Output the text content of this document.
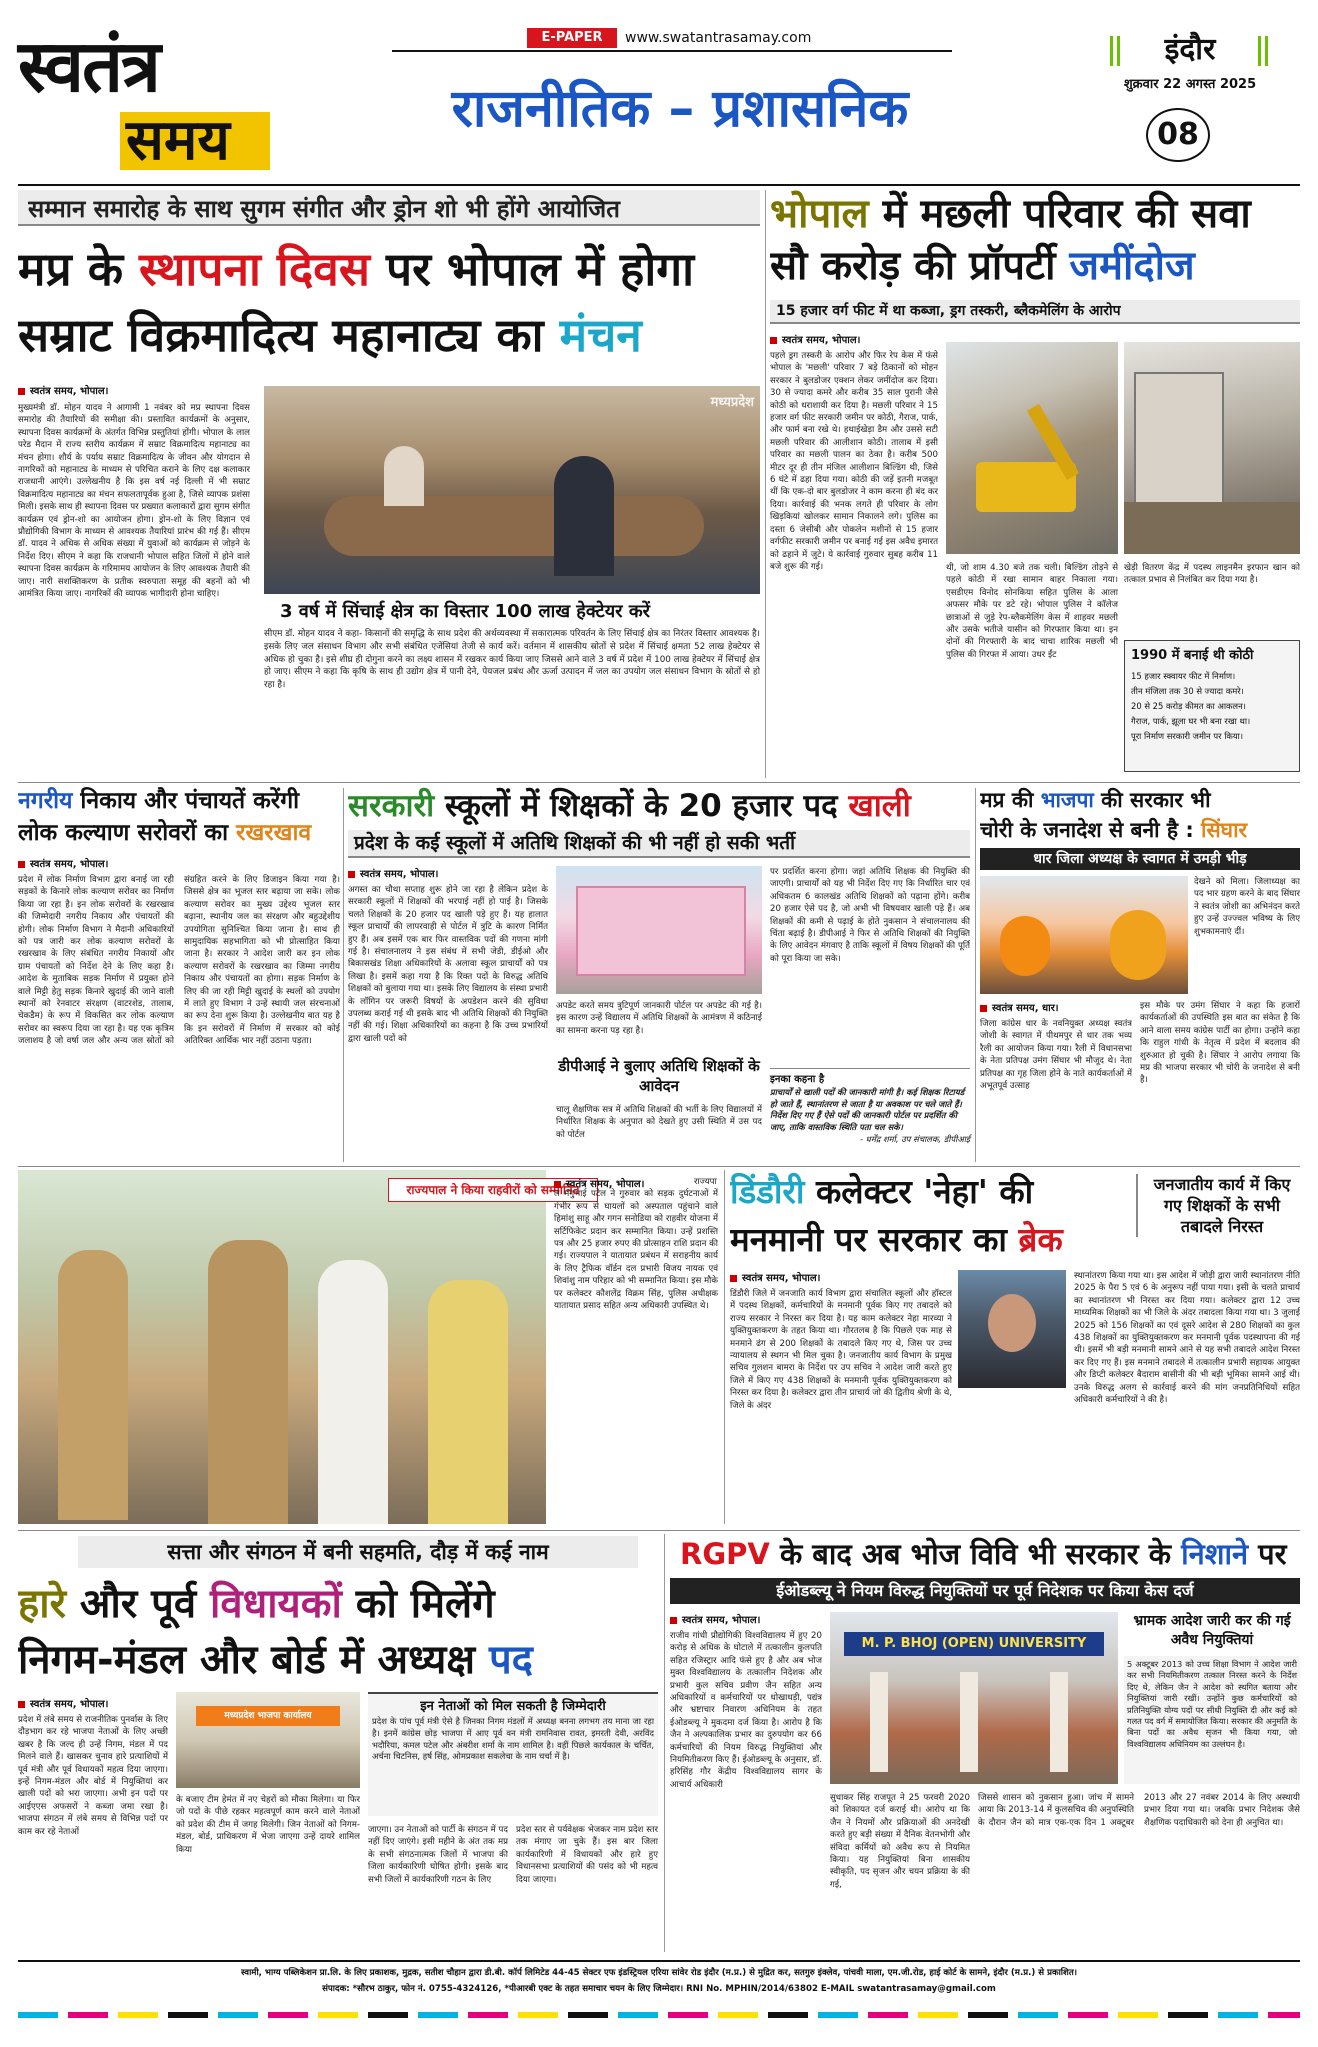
स्वतंत्र
समय
E-PAPER	www.swatantrasamay.com
राजनीतिक – प्रशासनिक
इंदौर
शुक्रवार 22 अगस्त 2025
08
सम्मान समारोह के साथ सुगम संगीत और ड्रोन शो भी होंगे आयोजित
मप्र के स्थापना दिवस पर भोपाल में होगा
सम्राट विक्रमादित्य महानाट्य का मंचन
स्वतंत्र समय, भोपाल।
मुख्यमंत्री डॉ. मोहन यादव ने आगामी 1 नवंबर को मप्र स्थापना दिवस समारोह की तैयारियों की समीक्षा की। प्रस्तावित कार्यक्रमों के अनुसार, स्थापना दिवस कार्यक्रमों के अंतर्गत विभिन्न प्रस्तुतियां होंगी। भोपाल के लाल परेड मैदान में राज्य स्तरीय कार्यक्रम में सम्राट विक्रमादित्य महानाट्य का मंचन होगा। शौर्य के पर्याय सम्राट विक्रमादित्य के जीवन और योगदान से नागरिकों को महानाट्य के माध्यम से परिचित कराने के लिए दक्ष कलाकार राजधानी आएंगे। उल्लेखनीय है कि इस वर्ष नई दिल्ली में भी सम्राट विक्रमादित्य महानाट्य का मंचन सफलतापूर्वक हुआ है, जिसे व्यापक प्रशंसा मिली। इसके साथ ही स्थापना दिवस पर प्रख्यात कलाकारों द्वारा सुगम संगीत कार्यक्रम एवं ड्रोन-शो का आयोजन होगा। ड्रोन-शो के लिए विज्ञान एवं प्रौद्योगिकी विभाग के माध्यम से आवश्यक तैयारियां प्रारंभ की गई हैं। सीएम डॉ. यादव ने अधिक से अधिक संख्या में युवाओं को कार्यक्रम से जोड़ने के निर्देश दिए। सीएम ने कहा कि राजधानी भोपाल सहित जिलों में होने वाले स्थापना दिवस कार्यक्रम के गरिमामय आयोजन के लिए आवश्यक तैयारी की जाए। नारी सशक्तिकरण के प्रतीक स्वरुपाता समूह की बहनों को भी आमंत्रित किया जाए। नागरिकों की व्यापक भागीदारी होना चाहिए।
मध्यप्रदेश
3 वर्ष में सिंचाई क्षेत्र का विस्तार 100 लाख हेक्टेयर करें
सीएम डॉ. मोहन यादव ने कहा- किसानों की समृद्धि के साथ प्रदेश की अर्थव्यवस्था में सकारात्मक परिवर्तन के लिए सिंचाई क्षेत्र का निरंतर विस्तार आवश्यक है। इसके लिए जल संसाधन विभाग और सभी संबंधित एजेंसियां तेजी से कार्य करें। वर्तमान में शासकीय स्रोतों से प्रदेश में सिंचाई क्षमता 52 लाख हेक्टेयर से अधिक हो चुका है। इसे शीघ्र ही दोगुना करने का लक्ष्य शासन में रखकर कार्य किया जाए जिससे आने वाले 3 वर्ष में प्रदेश में 100 लाख हेक्टेयर में सिंचाई क्षेत्र हो जाए। सीएम ने कहा कि कृषि के साथ ही उद्योग क्षेत्र में पानी देने, पेयजल प्रबंध और ऊर्जा उत्पादन में जल का उपयोग जल संसाधन विभाग के स्रोतों से हो रहा है।
भोपाल में मछली परिवार की सवा
सौ करोड़ की प्रॉपर्टी जमींदोज
15 हजार वर्ग फीट में था कब्जा, ड्रग तस्करी, ब्लैकमेलिंग के आरोप
स्वतंत्र समय, भोपाल।
पहले ड्रग तस्करी के आरोप और फिर रेप केस में फंसे भोपाल के 'मछली' परिवार 7 बड़े ठिकानों को मोहन सरकार ने बुलडोजर एक्शन लेकर जमींदोज कर दिया। 30 से ज्यादा कमरे और करीब 35 साल पुरानी जैसे कोठी को धराशायी कर दिया है। मछली परिवार ने 15 हजार वर्ग फीट सरकारी जमीन पर कोठी, गैराज, पार्क, और फार्म बना रखे थे। हथाईखेड़ा डैम और उससे सटी मछली परिवार की आलीशान कोठी। तालाब में इसी परिवार का मछली पालन का ठेका है। करीब 500 मीटर दूर ही तीन मंजिल आलीशान बिल्डिंग थी, जिसे 6 घंटे में ढहा दिया गया। कोठी की जड़ें इतनी मजबूत थीं कि एक-दो बार बुलडोजर ने काम करना ही बंद कर दिया। कार्रवाई की भनक लगते ही परिवार के लोग खिड़कियां खोलकर सामान निकालने लगे। पुलिस का दस्ता 6 जेसीबी और पोकलेन मशीनों से 15 हजार वर्गफीट सरकारी जमीन पर बनाई गई इस अवैध इमारत को ढहाने में जुटे। ये कार्रवाई गुरुवार सुबह करीब 11 बजे शुरू की गई।	थी, जो शाम 4.30 बजे तक चली। बिल्डिंग तोड़ने से पहले कोठी में रखा सामान बाहर निकाला गया। एसडीएम विनोद सोनकिया सहित पुलिस के आला अफसर मौके पर डटे रहे। भोपाल पुलिस ने कॉलेज छात्राओं से जुड़े रेप-ब्लैकमेलिंग केस में शाहवर मछली और उसके भतीजे यासीन को गिरफ्तार किया था। इन दोनों की गिरफ्तारी के बाद चाचा शारिक मछली भी पुलिस की गिरफ्त में आया। उधर ईंट
खेड़ी वितरण केंद्र में पदस्थ लाइनमैन इरफान खान को तत्काल प्रभाव से निलंबित कर दिया गया है।
1990 में बनाई थी कोठी
15 हजार स्क्वायर फीट में निर्माण।
तीन मंजिला तक 30 से ज्यादा कमरे।
20 से 25 करोड़ कीमत का आकलन।
गैराज, पार्क, झूला घर भी बना रखा था।
पूरा निर्माण सरकारी जमीन पर किया।
नगरीय निकाय और पंचायतें करेंगी
लोक कल्याण सरोवरों का रखरखाव
स्वतंत्र समय, भोपाल।
प्रदेश में लोक निर्माण विभाग द्वारा बनाई जा रही सड़कों के किनारे लोक कल्याण सरोवर का निर्माण किया जा रहा है। इन लोक सरोवरों के रखरखाव की जिम्मेदारी नगरीय निकाय और पंचायतों की होगी। लोक निर्माण विभाग ने मैदानी अधिकारियों को पत्र जारी कर लोक कल्याण सरोवरों के रखरखाव के लिए संबंधित नगरीय निकायों और ग्राम पंचायतों को निर्देश देने के लिए कहा है। आदेश के मुताबिक सड़क निर्माण में प्रयुक्त होने वाले मिट्टी हेतु सड़क किनारे खुदाई की जाने वाली स्थानों को रेनवाटर संरक्षण (वाटरशेड, तालाब, चेकडैम) के रूप में विकसित कर लोक कल्याण सरोवर का स्वरूप दिया जा रहा है। यह एक कृत्रिम जलाशय है जो वर्षा जल और अन्य जल स्रोतों को संग्रहित करने के लिए डिजाइन किया गया है। जिससे क्षेत्र का भूजल स्तर बढ़ाया जा सके। लोक कल्याण सरोवर का मुख्य उद्देश्य भूजल स्तर बढ़ाना, स्थानीय जल का संरक्षण और बहुउद्देशीय उपयोगिता सुनिश्चित किया जाना है। साथ ही सामुदायिक सहभागिता को भी प्रोत्साहित किया जाना है। सरकार ने आदेश जारी कर इन लोक कल्याण सरोवरों के रखरखाव का जिम्मा नगरीय निकाय और पंचायतों का होगा। सड़क निर्माण के लिए की जा रही मिट्टी खुदाई के स्थलों को उपयोग में लाते हुए विभाग ने उन्हें स्थायी जल संरचनाओं का रूप देना शुरू किया है। उल्लेखनीय बात यह है कि इन सरोवरों में निर्माण में सरकार को कोई अतिरिक्त आर्थिक भार नहीं उठाना पड़ता।
सरकारी स्कूलों में शिक्षकों के 20 हजार पद खाली
प्रदेश के कई स्कूलों में अतिथि शिक्षकों की भी नहीं हो सकी भर्ती
स्वतंत्र समय, भोपाल।
अगस्त का चौथा सप्ताह शुरू होने जा रहा है लेकिन प्रदेश के सरकारी स्कूलों में शिक्षकों की भरपाई नहीं हो पाई है। जिसके चलते शिक्षकों के 20 हजार पद खाली पड़े हुए हैं। यह हालात स्कूल प्राचार्यों की लापरवाही से पोर्टल में त्रुटि के कारण निर्मित हुए हैं। अब इसमें एक बार फिर वास्तविक पदों की गणना मांगी गई है। संचालनालय ने इस संबंध में सभी जेडी, डीईओ और बिकासखंड शिक्षा अधिकारियों के अलावा स्कूल प्राचार्यों को पत्र लिखा है। इसमें कहा गया है कि रिक्त पदों के विरुद्ध अतिथि शिक्षकों को बुलाया गया था। इसके लिए विद्यालय के संस्था प्रभारी के लॉगिन पर जरूरी विषयों के अपडेशन करने की सुविधा उपलब्ध कराई गई थी इसके बाद भी अतिथि शिक्षकों की नियुक्ति नहीं की गई। शिक्षा अधिकारियों का कहना है कि उच्च प्रभारियों द्वारा खाली पदों को
अपडेट करते समय त्रुटिपूर्ण जानकारी पोर्टल पर अपडेट की गई है। इस कारण उन्हें विद्यालय में अतिथि शिक्षकों के आमंत्रण में कठिनाई का सामना करना पड़ रहा है।
डीपीआई ने बुलाए अतिथि शिक्षकों के आवेदन
चालू शैक्षणिक सत्र में अतिथि शिक्षकों की भर्ती के लिए विद्यालयों में निर्धारित शिक्षक के अनुपात को देखते हुए उसी स्थिति में उस पद को पोर्टल
पर प्रदर्शित करना होगा। जहां अतिथि शिक्षक की नियुक्ति की जाएगी। प्राचार्यों को यह भी निर्देश दिए गए कि निर्धारित चार एवं अधिकतम 6 कालखंड अतिथि शिक्षकों को पढ़ाना होंगे। करीब 20 हजार ऐसे पद है, जो अभी भी विषयवार खाली पड़े हैं। अब शिक्षकों की कमी से पढ़ाई के होते नुकसान ने संचालनालय की चिंता बढ़ाई है। डीपीआई ने फिर से अतिथि शिक्षकों की नियुक्ति के लिए आवेदन मंगवाए है ताकि स्कूलों में विषय शिक्षकों की पूर्ति को पूरा किया जा सके।
इनका कहना है
प्राचार्यों से खाली पदों की जानकारी मांगी है। कई शिक्षक रिटायर्ड हो जाते हैं, स्थानांतरण से जाता है या अवकाश पर चले जाते हैं। निर्देश दिए गए हैं ऐसे पदों की जानकारी पोर्टल पर प्रदर्शित की जाए, ताकि वास्तविक स्थिति पता चल सके।
- धर्मेंद्र शर्मा, उप संचालक, डीपीआई
मप्र की भाजपा की सरकार भी
चोरी के जनादेश से बनी है : सिंघार
धार जिला अध्यक्ष के स्वागत में उमड़ी भीड़
देखने को मिला। जिलाध्यक्ष का पद भार ग्रहण करने के बाद सिंघार ने स्वतंत्र जोशी का अभिनंदन करते हुए उन्हें उज्ज्वल भविष्य के लिए शुभकामनाएं दीं।
स्वतंत्र समय, धार।
जिला कांग्रेस धार के नवनियुक्त अध्यक्ष स्वतंत्र जोशी के स्वागत में पीथमपुर से धार तक भव्य रैली का आयोजन किया गया। रैली में विधानसभा के नेता प्रतिपक्ष उमंग सिंघार भी मौजूद थे। नेता प्रतिपक्ष का गृह जिला होने के नाते कार्यकर्ताओं में अभूतपूर्व उत्साह
इस मौके पर उमंग सिंघार ने कहा कि हजारों कार्यकर्ताओं की उपस्थिति इस बात का संकेत है कि आने वाला समय कांग्रेस पार्टी का होगा। उन्होंने कहा कि राहुल गांधी के नेतृत्व में प्रदेश में बदलाव की शुरुआत हो चुकी है। सिंघार ने आरोप लगाया कि मप्र की भाजपा सरकार भी चोरी के जनादेश से बनी है।
राज्यपाल ने किया राहवीरों को सम्मानित
स्वतंत्र समय, भोपाल।	राज्यपाल मंगुभाई पटेल ने गुरुवार को सड़क दुर्घटनाओं में गंभीर रूप से घायलों को अस्पताल पहुंचाने वाले हिमांशु साहू और गगन सनोडिया को राहवीर योजना में सर्टिफिकेट प्रदान कर सम्मानित किया। उन्हें प्रशस्ति पत्र और 25 हजार रुपए की प्रोत्साहन राशि प्रदान की गई। राज्यपाल ने यातायात प्रबंधन में सराहनीय कार्य के लिए ट्रैफिक वॉर्डन दल प्रभारी विजय नायक एवं शिवांशु नाम परिहार को भी सम्मानित किया। इस मौके पर कलेक्टर कौशलेंद्र विक्रम सिंह, पुलिस अधीक्षक यातायात प्रसाद सहित अन्य अधिकारी उपस्थित थे।
डिंडौरी कलेक्टर 'नेहा' की
मनमानी पर सरकार का ब्रेक
जनजातीय कार्य में किए गए शिक्षकों के सभी तबादले निरस्त
स्वतंत्र समय, भोपाल।
डिंडौरी जिले में जनजाति कार्य विभाग द्वारा संचालित स्कूलों और हॉस्टल में पदस्थ शिक्षकों, कर्मचारियों के मनमानी पूर्वक किए गए तबादले को राज्य सरकार ने निरस्त कर दिया है। यह काम कलेक्टर नेहा मारव्या ने युक्तियुक्तकरण के तहत किया था। गौरतलब है कि पिछले एक माह से मनमाने ढंग से 200 शिक्षकों के तबादले किए गए थे, जिस पर उच्च न्यायालय से स्थगन भी मिल चुका है। जनजातीय कार्य विभाग के प्रमुख सचिव गुलशन बामरा के निर्देश पर उप सचिव ने आदेश जारी करते हुए जिले में किए गए 438 शिक्षकों के मनमानी पूर्वक युक्तियुक्तकरण को निरस्त कर दिया है। कलेक्टर द्वारा तीन प्राचार्य जो की द्वितीय श्रेणी के थे, जिले के अंदर
स्थानांतरण किया गया था। इस आदेश में जोड़ी द्वारा जारी स्थानांतरण नीति 2025 के पैरा 5 एवं 6 के अनुरूप नहीं पाया गया। इसी के चलते प्राचार्य का स्थानांतरण भी निरस्त कर दिया गया। कलेक्टर द्वारा 12 उच्च माध्यमिक शिक्षकों का भी जिले के अंदर तबादला किया गया था। 3 जुलाई 2025 को 156 शिक्षकों का एवं दूसरे आदेश से 280 शिक्षकों का कुल 438 शिक्षकों का युक्तियुक्तकरण कर मनमानी पूर्वक पदस्थापना की गई थी। इसमें भी बड़ी मनमानी सामने आने से यह सभी तबादले आदेश निरस्त कर दिए गए हैं। इस मनमाने तबादले में तत्कालीन प्रभारी सहायक आयुक्त और डिप्टी कलेक्टर बैदाराम बासीनी की भी बड़ी भूमिका सामने आई थी। उनके विरुद्ध अलग से कार्रवाई करने की मांग जनप्रतिनिधियों सहित अधिकारी कर्मचारियों ने की है।
सत्ता और संगठन में बनी सहमति, दौड़ में कई नाम
हारे और पूर्व विधायकों को मिलेंगे
निगम-मंडल और बोर्ड में अध्यक्ष पद
स्वतंत्र समय, भोपाल।
प्रदेश में लंबे समय से राजनीतिक पुनर्वास के लिए दौड़भाग कर रहे भाजपा नेताओं के लिए अच्छी खबर है कि जल्द ही उन्हें निगम, मंडल में पद मिलने वाले हैं। खासकर चुनाव हारे प्रत्याशियों में पूर्व मंत्री और पूर्व विधायकों महत्व दिया जाएगा। इन्हें निगम-मंडल और बोर्ड में नियुक्तियां कर खाली पदों को भरा जाएगा। अभी इन पदों पर आईएएस अफसरों ने कब्जा जमा रखा है। भाजपा संगठन में लंबे समय से विभिन्न पदों पर काम कर रहे नेताओं
मध्यप्रदेश भाजपा कार्यालय
के बजाए टीम हेमंत में नए चेहरों को मौका मिलेगा। या फिर जो पदों के पीछे रहकर महत्वपूर्ण काम करने वाले नेताओं को प्रदेश की टीम में जगह मिलेगी। जिन नेताओं को निगम-मंडल, बोर्ड, प्राधिकरण में भेजा जाएगा उन्हें दायरे शामिल किया
इन नेताओं को मिल सकती है जिम्मेदारी
प्रदेश के पांच पूर्व मंत्री ऐसे है जिनका निगम मंडलों में अध्यक्ष बनना लगभग तय माना जा रहा है। इनमें कांग्रेस छोड़ भाजपा में आए पूर्व वन मंत्री रामनिवास रावत, इमरती देवी, अरविंद भदौरिया, कमल पटेल और अंबरीश शर्मा के नाम शामिल है। वहीं पिछले कार्यकाल के चर्चित, अर्चना चिटनिस, हर्ष सिंह, ओमप्रकाश सकलेचा के नाम चर्चा में है।
जाएगा। उन नेताओं को पार्टी के संगठन में पद नहीं दिए जाएंगे। इसी महीने के अंत तक मप्र के सभी संगठनात्मक जिलों में भाजपा की जिला कार्यकारिणी घोषित होगी। इसके बाद सभी जिलों में कार्यकारिणी गठन के लिए
प्रदेश स्तर से पर्यवेक्षक भेजकर नाम प्रदेश स्तर तक मंगाए जा चुके हैं। इस बार जिला कार्यकारिणी में विधायकों और हारे हुए विधानसभा प्रत्याशियों की पसंद को भी महत्व दिया जाएगा।
RGPV के बाद अब भोज विवि भी सरकार के निशाने पर
ईओडब्ल्यू ने नियम विरुद्ध नियुक्तियों पर पूर्व निदेशक पर किया केस दर्ज
स्वतंत्र समय, भोपाल।
राजीव गांधी प्रौद्योगिकी विश्वविद्यालय में हुए 20 करोड़ से अधिक के घोटाले में तत्कालीन कुलपति सहित रजिस्ट्रार आदि फंसे हुए है और अब भोज मुक्त विश्वविद्यालय के तत्कालीन निदेशक और प्रभारी कुल सचिव प्रवीण जैन सहित अन्य अधिकारियों व कर्मचारियों पर धोखाधड़ी, पद्यंत्र और भ्रष्टाचार निवारण अधिनियम के तहत ईओडब्ल्यू ने मुकदमा दर्ज किया है। आरोप है कि जैन ने अल्पकालिक प्रभार का दुरुपयोग कर 66 कर्मचारियों की नियम विरुद्ध नियुक्तियां और नियमितीकरण किए हैं। ईओडब्ल्यू के अनुसार, डॉ. हरिसिंह गौर केंद्रीय विश्वविद्यालय सागर के आचार्य अधिकारी
M. P. BHOJ (OPEN) UNIVERSITY
सुधाकर सिंह राजपूत ने 25 फरवरी 2020 को शिकायत दर्ज कराई थी। आरोप था कि जैन ने नियमों और प्रक्रियाओं की अनदेखी करते हुए बड़ी संख्या में दैनिक वेतनभोगी और संविदा कर्मियों को अवैध रूप से नियमित किया। यह नियुक्तियां बिना शासकीय स्वीकृति, पद सृजन और चयन प्रक्रिया के की गई,
भ्रामक आदेश जारी कर की गई अवैध नियुक्तियां
5 अक्टूबर 2013 को उच्च शिक्षा विभाग ने आदेश जारी कर सभी नियमितीकरण तत्काल निरस्त करने के निर्देश दिए थे, लेकिन जैन ने आदेश को स्थगित बताया और नियुक्तियां जारी रखीं। उन्होंने कुछ कर्मचारियों को प्रतिनियुक्ति योग्य पदों पर सीधी नियुक्ति दी और कई को गलत पद वर्ग में समायोजित किया। सरकार की अनुमति के बिना पदों का अवैध सृजन भी किया गया, जो विश्वविद्यालय अधिनियम का उल्लंघन है।
जिससे शासन को नुकसान हुआ। जांच में सामने आया कि 2013-14 में कुलसचिव की अनुपस्थिति के दौरान जैन को मात्र एक-एक दिन 1 अक्टूबर 2013 और 27 नवंबर 2014 के लिए अस्थायी प्रभार दिया गया था। जबकि प्रभार निदेशक जैसे शैक्षणिक पदाधिकारी को देना ही अनुचित था।
स्वामी, भाग्य पब्लिकेशन प्रा.लि. के लिए प्रकाशक, मुद्रक, सतीश चौहान द्वारा डी.बी. कॉर्प लिमिटेड 44-45 सेक्टर एफ इंडस्ट्रियल एरिया सांवेर रोड इंदौर (म.प्र.) से मुद्रित कर, सतगुरु इंक्लेव, पांचवी माला, एम.जी.रोड, हाई कोर्ट के सामने, इंदौर (म.प्र.) से प्रकाशित।
संपादक: *सौरभ ठाकुर, फोन नं. 0755-4324126, *पीआरबी एक्ट के तहत समाचार चयन के लिए जिम्मेदार। RNI No. MPHIN/2014/63802 E-MAIL swatantrasamay@gmail.com
